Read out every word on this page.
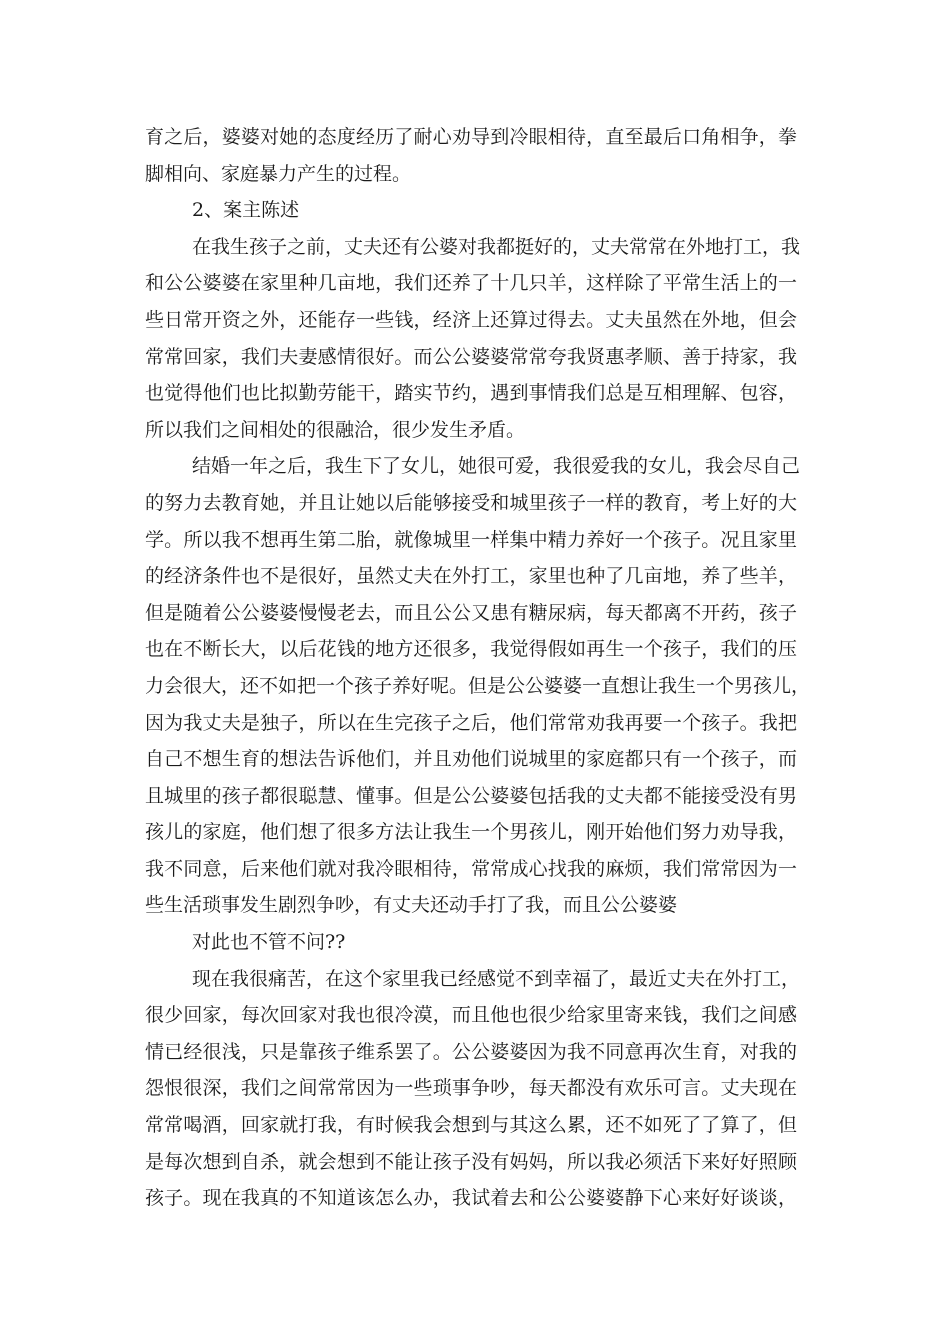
育之后，婆婆对她的态度经历了耐心劝导到冷眼相待，直至最后口角相争，拳
脚相向、家庭暴力产生的过程。
2、案主陈述
在我生孩子之前，丈夫还有公婆对我都挺好的，丈夫常常在外地打工，我
和公公婆婆在家里种几亩地，我们还养了十几只羊，这样除了平常生活上的一
些日常开资之外，还能存一些钱，经济上还算过得去。丈夫虽然在外地，但会
常常回家，我们夫妻感情很好。而公公婆婆常常夸我贤惠孝顺、善于持家，我
也觉得他们也比拟勤劳能干，踏实节约，遇到事情我们总是互相理解、包容，
所以我们之间相处的很融洽，很少发生矛盾。
结婚一年之后，我生下了女儿，她很可爱，我很爱我的女儿，我会尽自己
的努力去教育她，并且让她以后能够接受和城里孩子一样的教育，考上好的大
学。所以我不想再生第二胎，就像城里一样集中精力养好一个孩子。况且家里
的经济条件也不是很好，虽然丈夫在外打工，家里也种了几亩地，养了些羊，
但是随着公公婆婆慢慢老去，而且公公又患有糖尿病，每天都离不开药，孩子
也在不断长大，以后花钱的地方还很多，我觉得假如再生一个孩子，我们的压
力会很大，还不如把一个孩子养好呢。但是公公婆婆一直想让我生一个男孩儿，
因为我丈夫是独子，所以在生完孩子之后，他们常常劝我再要一个孩子。我把
自己不想生育的想法告诉他们，并且劝他们说城里的家庭都只有一个孩子，而
且城里的孩子都很聪慧、懂事。但是公公婆婆包括我的丈夫都不能接受没有男
孩儿的家庭，他们想了很多方法让我生一个男孩儿，刚开始他们努力劝导我，
我不同意，后来他们就对我冷眼相待，常常成心找我的麻烦，我们常常因为一
些生活琐事发生剧烈争吵，有丈夫还动手打了我，而且公公婆婆
对此也不管不问??
现在我很痛苦，在这个家里我已经感觉不到幸福了，最近丈夫在外打工，
很少回家，每次回家对我也很冷漠，而且他也很少给家里寄来钱，我们之间感
情已经很浅，只是靠孩子维系罢了。公公婆婆因为我不同意再次生育，对我的
怨恨很深，我们之间常常因为一些琐事争吵，每天都没有欢乐可言。丈夫现在
常常喝酒，回家就打我，有时候我会想到与其这么累，还不如死了了算了，但
是每次想到自杀，就会想到不能让孩子没有妈妈，所以我必须活下来好好照顾
孩子。现在我真的不知道该怎么办，我试着去和公公婆婆静下心来好好谈谈，
